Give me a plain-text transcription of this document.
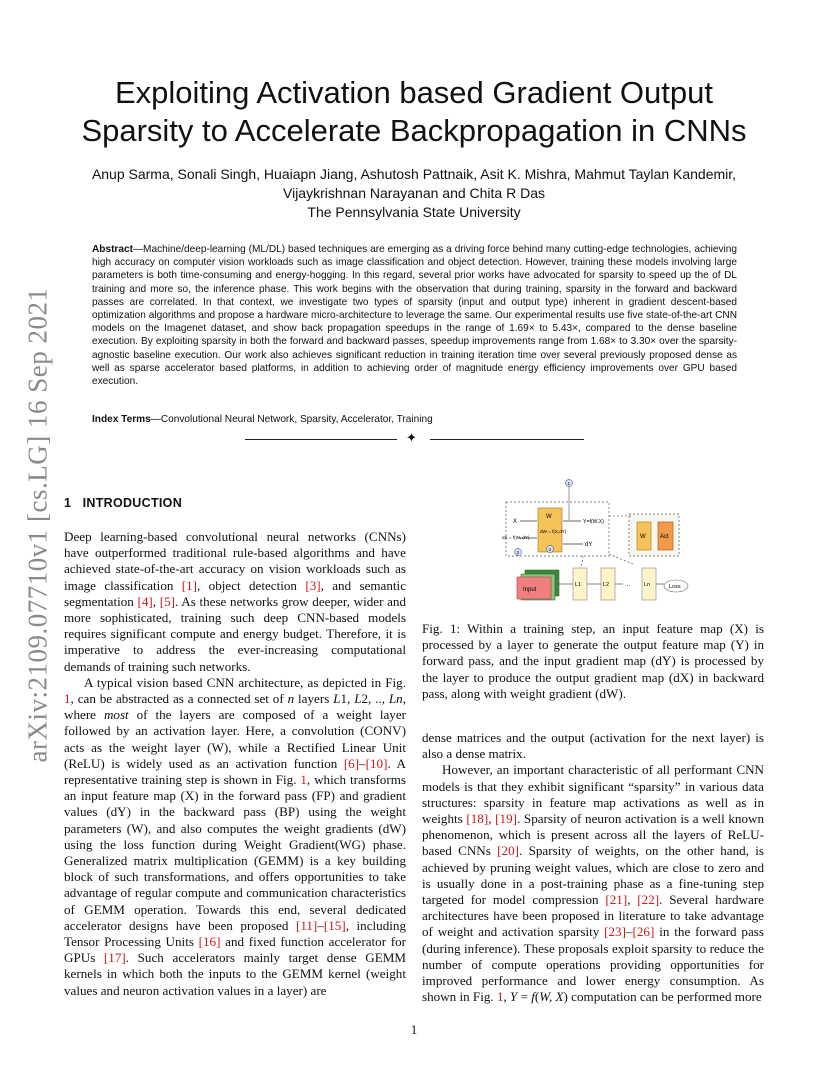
arXiv:2109.07710v1 [cs.LG] 16 Sep 2021
Exploiting Activation based Gradient Output
Sparsity to Accelerate Backpropagation in CNNs
Anup Sarma, Sonali Singh, Huaiapn Jiang, Ashutosh Pattnaik, Asit K. Mishra, Mahmut Taylan Kandemir,
Vijaykrishnan Narayanan and Chita R Das
The Pennsylvania State University
Abstract—Machine/deep-learning (ML/DL) based techniques are emerging as a driving force behind many cutting-edge technologies, achieving high accuracy on computer vision workloads such as image classification and object detection. However, training these models involving large parameters is both time-consuming and energy-hogging. In this regard, several prior works have advocated for sparsity to speed up the of DL training and more so, the inference phase. This work begins with the observation that during training, sparsity in the forward and backward passes are correlated. In that context, we investigate two types of sparsity (input and output type) inherent in gradient descent-based optimization algorithms and propose a hardware micro-architecture to leverage the same. Our experimental results use five state-of-the-art CNN models on the Imagenet dataset, and show back propagation speedups in the range of 1.69× to 5.43×, compared to the dense baseline execution. By exploiting sparsity in both the forward and backward passes, speedup improvements range from 1.68× to 3.30× over the sparsity-agnostic baseline execution. Our work also achieves significant reduction in training iteration time over several previously proposed dense as well as sparse accelerator based platforms, in addition to achieving order of magnitude energy efficiency improvements over GPU based execution.
Index Terms—Convolutional Neural Network, Sparsity, Accelerator, Training
✦
1 INTRODUCTION
X
W
dW = f(X,dY)
Y=f(W,X)
dX = f(W, dY)
dY
W Act
Input
L1	L2	...	Ln	Loss
1
3
2

Fig. 1: Within a training step, an input feature map (X) is processed by a layer to generate the output feature map (Y) in forward pass, and the input gradient map (dY) is processed by the layer to produce the output gradient map (dX) in backward pass, along with weight gradient (dW).

Deep learning-based convolutional neural networks (CNNs) have outperformed traditional rule-based algorithms and have achieved state-of-the-art accuracy on vision workloads such as image classification [1], object detection [3], and semantic segmentation [4], [5]. As these networks grow deeper, wider and more sophisticated, training such deep CNN-based models requires significant compute and energy budget. Therefore, it is imperative to address the ever-increasing computational demands of training such networks.

A typical vision based CNN architecture, as depicted in Fig. 1, can be abstracted as a connected set of n layers L1, L2, .., Ln, where most of the layers are composed of a weight layer followed by an activation layer. Here, a convolution (CONV) acts as the weight layer (W), while a Rectified Linear Unit (ReLU) is widely used as an activation function [6]–[10]. A representative training step is shown in Fig. 1, which transforms an input feature map (X) in the forward pass (FP) and gradient values (dY) in the backward pass (BP) using the weight parameters (W), and also computes the weight gradients (dW) using the loss function during Weight Gradient(WG) phase. Generalized matrix multiplication (GEMM) is a key building block of such transformations, and offers opportunities to take advantage of regular compute and communication characteristics of GEMM operation. Towards this end, several dedicated accelerator designs have been proposed [11]–[15], including Tensor Processing Units [16] and fixed function accelerator for GPUs [17]. Such accelerators mainly target dense GEMM kernels in which both the inputs to the GEMM kernel (weight values and neuron activation values in a layer) are

dense matrices and the output (activation for the next layer) is also a dense matrix.

However, an important characteristic of all performant CNN models is that they exhibit significant “sparsity” in various data structures: sparsity in feature map activations as well as in weights [18], [19]. Sparsity of neuron activation is a well known phenomenon, which is present across all the layers of ReLU-based CNNs [20]. Sparsity of weights, on the other hand, is achieved by pruning weight values, which are close to zero and is usually done in a post-training phase as a fine-tuning step targeted for model compression [21], [22]. Several hardware architectures have been proposed in literature to take advantage of weight and activation sparsity [23]–[26] in the forward pass (during inference). These proposals exploit sparsity to reduce the number of compute operations providing opportunities for improved performance and lower energy consumption. As shown in Fig. 1, Y = f(W, X) computation can be performed more

1
